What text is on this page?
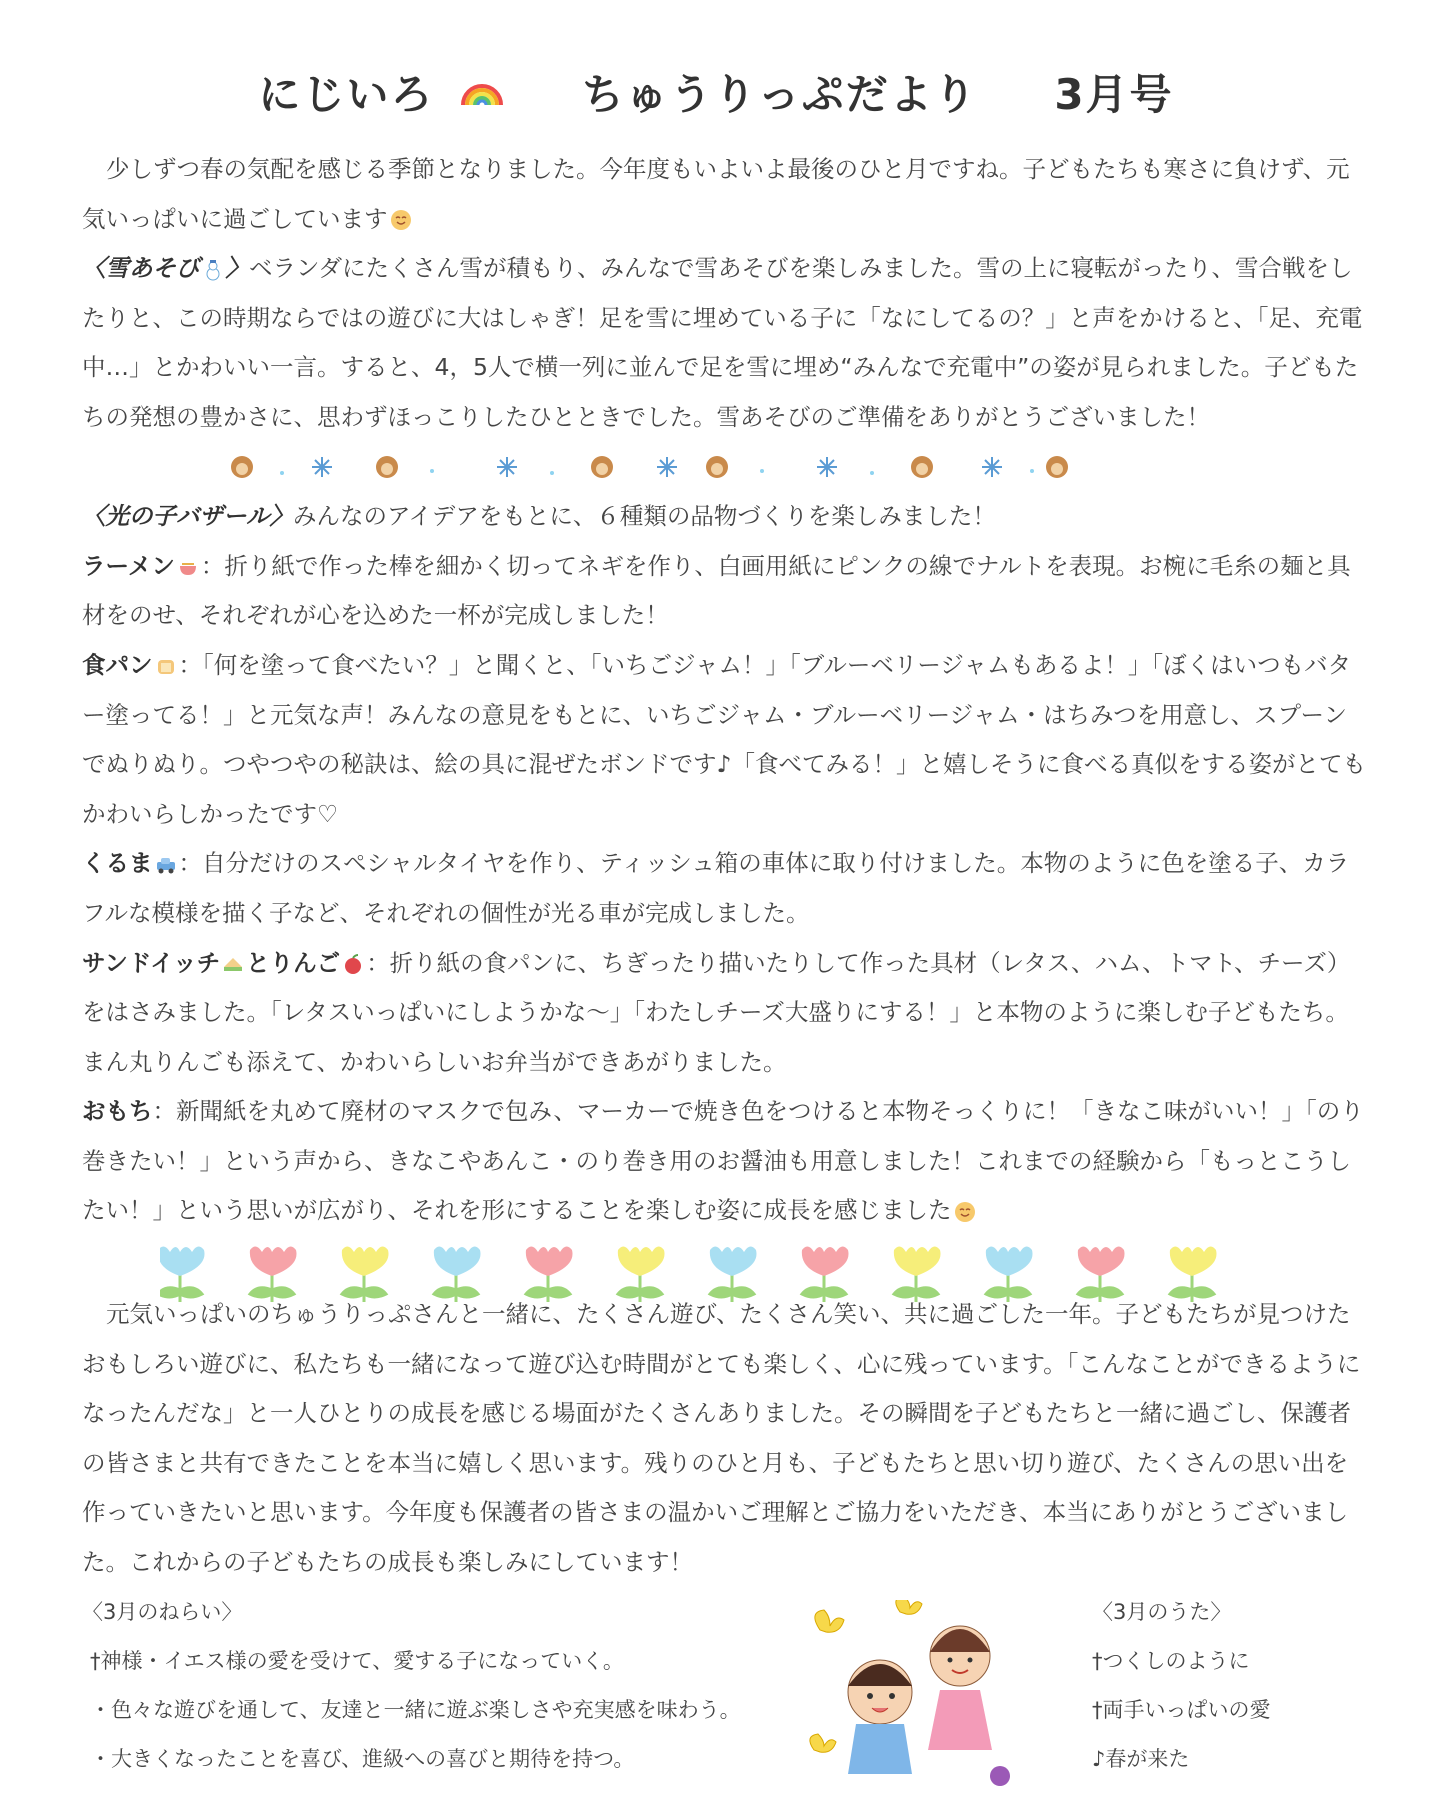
にじいろ	ちゅうりっぷだより 3月号

少しずつ春の気配を感じる季節となりました。今年度もいよいよ最後のひと月ですね。子どもたちも寒さに負けず、元気いっぱいに過ごしています

〈雪あそび 〉ベランダにたくさん雪が積もり、みんなで雪あそびを楽しみました。雪の上に寝転がったり、雪合戦をしたりと、この時期ならではの遊びに大はしゃぎ！足を雪に埋めている子に「なにしてるの？」と声をかけると、「足、充電中…」とかわいい一言。すると、4，5人で横一列に並んで足を雪に埋め“みんなで充電中”の姿が見られました。子どもたちの発想の豊かさに、思わずほっこりしたひとときでした。雪あそびのご準備をありがとうございました！

〈光の子バザール〉みんなのアイデアをもとに、６種類の品物づくりを楽しみました！

ラーメン ：折り紙で作った棒を細かく切ってネギを作り、白画用紙にピンクの線でナルトを表現。お椀に毛糸の麺と具材をのせ、それぞれが心を込めた一杯が完成しました！

食パン ：「何を塗って食べたい？」と聞くと、「いちごジャム！」「ブルーベリージャムもあるよ！」「ぼくはいつもバター塗ってる！」と元気な声！みんなの意見をもとに、いちごジャム・ブルーベリージャム・はちみつを用意し、スプーンでぬりぬり。つやつやの秘訣は、絵の具に混ぜたボンドです♪「食べてみる！」と嬉しそうに食べる真似をする姿がとてもかわいらしかったです♡

くるま ：自分だけのスペシャルタイヤを作り、ティッシュ箱の車体に取り付けました。本物のように色を塗る子、カラフルな模様を描く子など、それぞれの個性が光る車が完成しました。

サンドイッチ とりんご ：折り紙の食パンに、ちぎったり描いたりして作った具材（レタス、ハム、トマト、チーズ）をはさみました。「レタスいっぱいにしようかな～」「わたしチーズ大盛りにする！」と本物のように楽しむ子どもたち。まん丸りんごも添えて、かわいらしいお弁当ができあがりました。

おもち：新聞紙を丸めて廃材のマスクで包み、マーカーで焼き色をつけると本物そっくりに！「きなこ味がいい！」「のり巻きたい！」という声から、きなこやあんこ・のり巻き用のお醤油も用意しました！これまでの経験から「もっとこうしたい！」という思いが広がり、それを形にすることを楽しむ姿に成長を感じました

元気いっぱいのちゅうりっぷさんと一緒に、たくさん遊び、たくさん笑い、共に過ごした一年。子どもたちが見つけたおもしろい遊びに、私たちも一緒になって遊び込む時間がとても楽しく、心に残っています。「こんなことができるようになったんだな」と一人ひとりの成長を感じる場面がたくさんありました。その瞬間を子どもたちと一緒に過ごし、保護者の皆さまと共有できたことを本当に嬉しく思います。残りのひと月も、子どもたちと思い切り遊び、たくさんの思い出を作っていきたいと思います。今年度も保護者の皆さまの温かいご理解とご協力をいただき、本当にありがとうございました。これからの子どもたちの成長も楽しみにしています！

〈3月のねらい〉
†神様・イエス様の愛を受けて、愛する子になっていく。
・色々な遊びを通して、友達と一緒に遊ぶ楽しさや充実感を味わう。
・大きくなったことを喜び、進級への喜びと期待を持つ。
〈3月のうた〉
†つくしのように
†両手いっぱいの愛
♪春が来た
